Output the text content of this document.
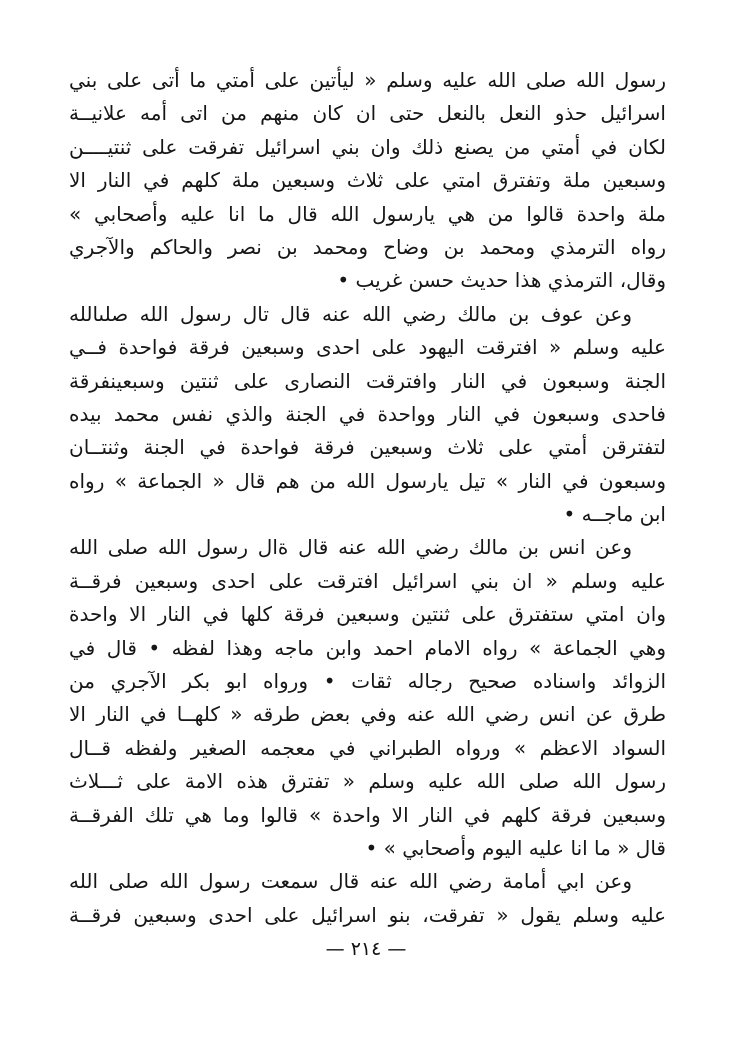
رسول الله صلى الله عليه وسلم « ليأتين على أمتي ما أتى على بني
اسرائيل حذو النعل بالنعل حتى ان كان منهم من اتى أمه علانيــة
لكان في أمتي من يصنع ذلك وان بني اسرائيل تفرقت على ثنتيــــن
وسبعين ملة وتفترق امتي على ثلاث وسبعين ملة كلهم في النار الا
ملة واحدة قالوا من هي يارسول الله قال ما انا عليه وأصحابي »
رواه الترمذي ومحمد بن وضاح ومحمد بن نصر والحاكم والآجري
وقال، الترمذي هذا حديث حسن غريب •
وعن عوف بن مالك رضي الله عنه قال تال رسول الله صلىالله
عليه وسلم « افترقت اليهود على احدى وسبعين فرقة فواحدة فــي
الجنة وسبعون في النار وافترقت النصارى على ثنتين وسبعينفرقة
فاحدى وسبعون في النار وواحدة في الجنة والذي نفس محمد بيده
لتفترقن أمتي على ثلاث وسبعين فرقة فواحدة في الجنة وثنتــان
وسبعون في النار » تيل يارسول الله من هم قال « الجماعة » رواه
ابن ماجــه •
وعن انس بن مالك رضي الله عنه قال ةال رسول الله صلى الله
عليه وسلم « ان بني اسرائيل افترقت على احدى وسبعين فرقــة
وان امتي ستفترق على ثنتين وسبعين فرقة كلها في النار الا واحدة
وهي الجماعة » رواه الامام احمد وابن ماجه وهذا لفظه • قال في
الزوائد واسناده صحيح رجاله ثقات • ورواه ابو بكر الآجري من
طرق عن انس رضي الله عنه وفي بعض طرقه « كلهــا في النار الا
السواد الاعظم » ورواه الطبراني في معجمه الصغير ولفظه قــال
رسول الله صلى الله عليه وسلم « تفترق هذه الامة على ثـــلاث
وسبعين فرقة كلهم في النار الا واحدة » قالوا وما هي تلك الفرقــة
قال « ما انا عليه اليوم وأصحابي » •
وعن ابي أمامة رضي الله عنه قال سمعت رسول الله صلى الله
عليه وسلم يقول « تفرقت، بنو اسرائيل على احدى وسبعين فرقــة
— ٢١٤ —
